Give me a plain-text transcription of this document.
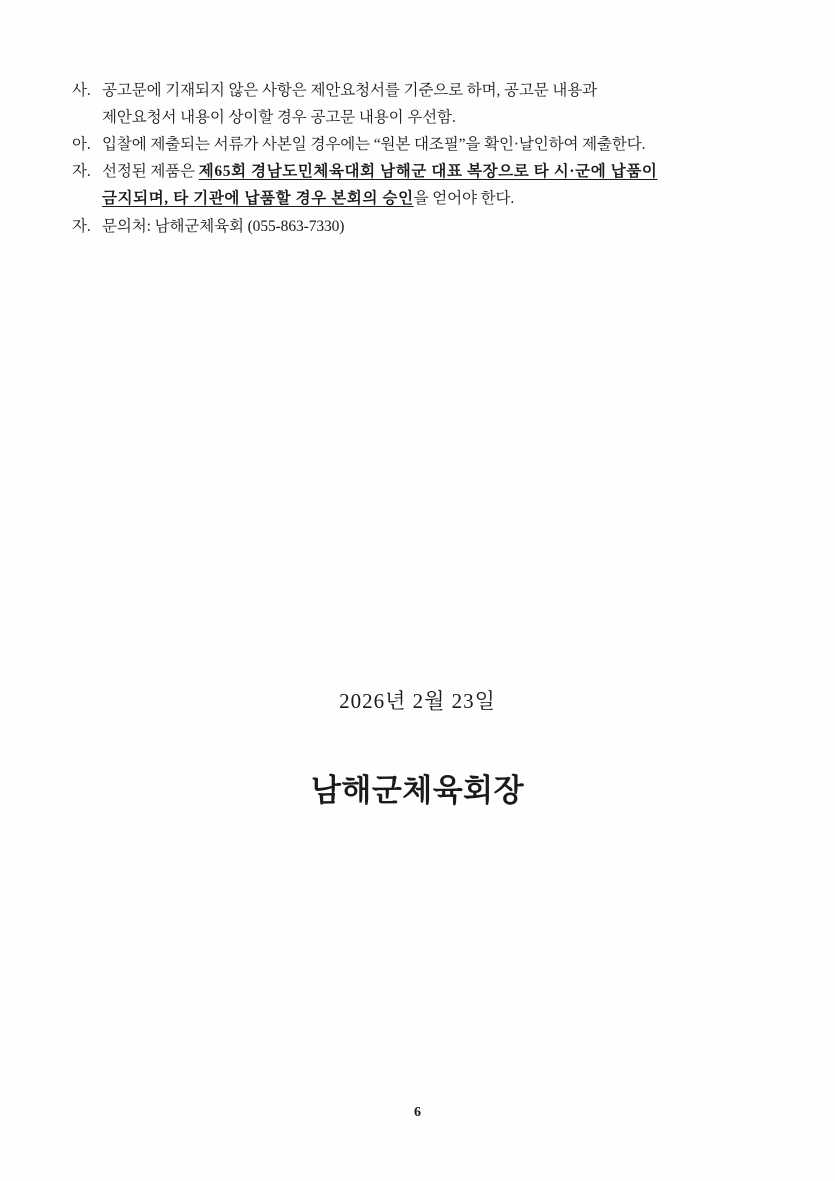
사. 공고문에 기재되지 않은 사항은 제안요청서를 기준으로 하며, 공고문 내용과
제안요청서 내용이 상이할 경우 공고문 내용이 우선함.
아. 입찰에 제출되는 서류가 사본일 경우에는 “원본 대조필”을 확인·날인하여 제출한다.
자. 선정된 제품은 제65회 경남도민체육대회 남해군 대표 복장으로 타 시·군에 납품이
금지되며, 타 기관에 납품할 경우 본회의 승인을 얻어야 한다.
자. 문의처: 남해군체육회 (055-863-7330)
2026년 2월 23일
남해군체육회장
6
